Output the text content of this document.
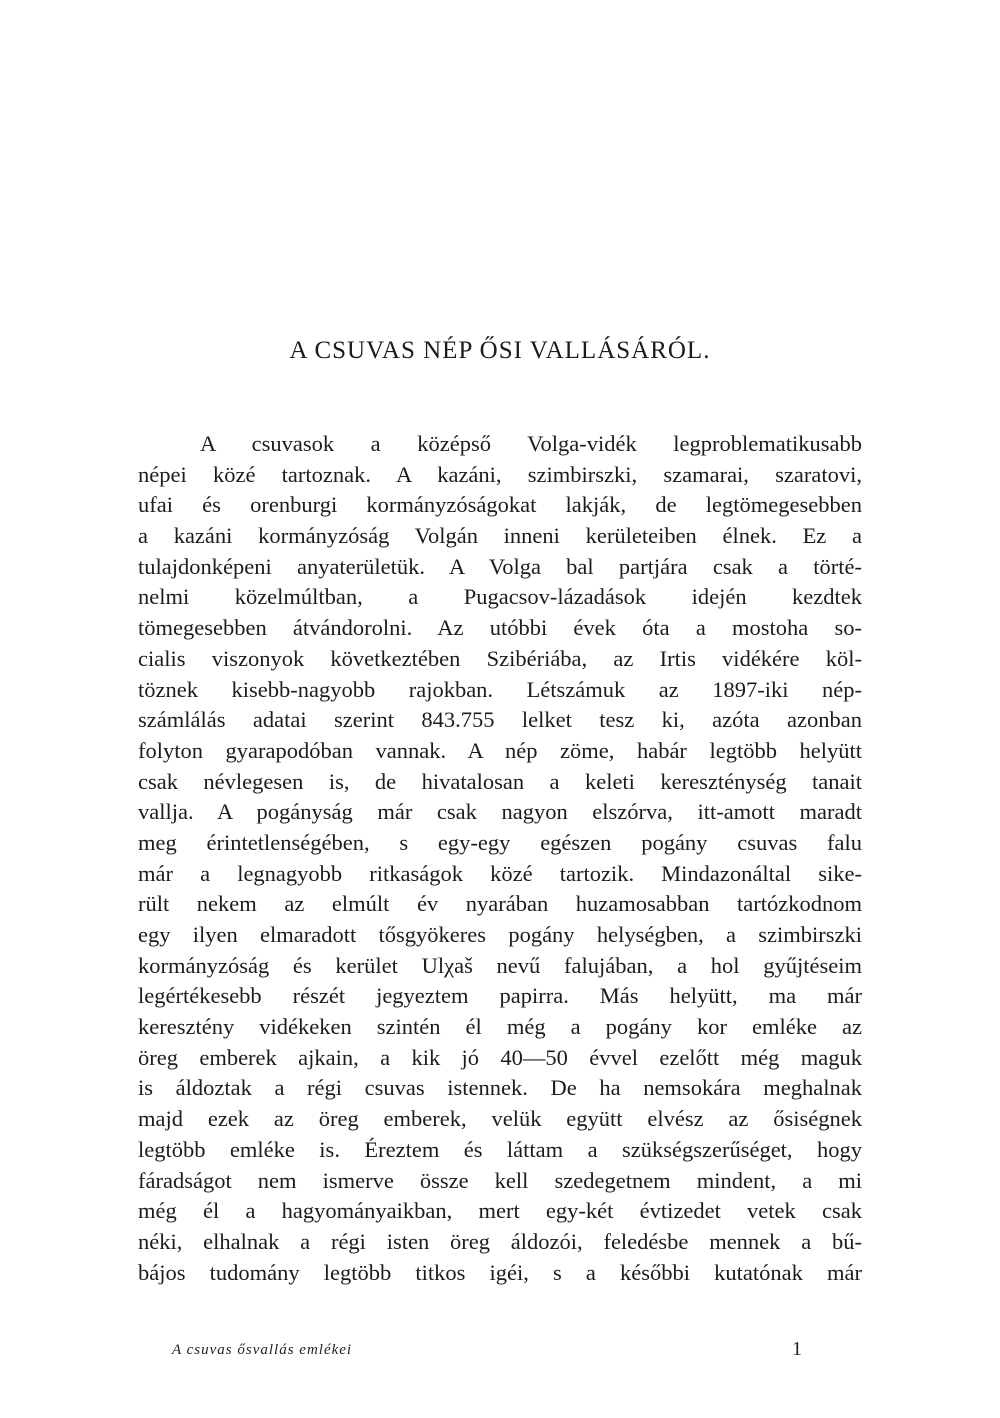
A CSUVAS NÉP ŐSI VALLÁSÁRÓL.
A csuvasok a középső Volga-vidék legproblematikusabb
népei közé tartoznak. A kazáni, szimbirszki, szamarai, szaratovi,
ufai és orenburgi kormányzóságokat lakják, de legtömegesebben
a kazáni kormányzóság Volgán inneni kerületeiben élnek. Ez a
tulajdonképeni anyaterületük. A Volga bal partjára csak a törté-
nelmi közelmúltban, a Pugacsov-lázadások idején kezdtek
tömegesebben átvándorolni. Az utóbbi évek óta a mostoha so-
cialis viszonyok következtében Szibériába, az Irtis vidékére köl-
töznek kisebb-nagyobb rajokban. Létszámuk az 1897-iki nép-
számlálás adatai szerint 843.755 lelket tesz ki, azóta azonban
folyton gyarapodóban vannak. A nép zöme, habár legtöbb helyütt
csak névlegesen is, de hivatalosan a keleti kereszténység tanait
vallja. A pogányság már csak nagyon elszórva, itt-amott maradt
meg érintetlenségében, s egy-egy egészen pogány csuvas falu
már a legnagyobb ritkaságok közé tartozik. Mindazonáltal sike-
rült nekem az elmúlt év nyarában huzamosabban tartózkodnom
egy ilyen elmaradott tősgyökeres pogány helységben, a szimbirszki
kormányzóság és kerület Ulχaš nevű falujában, a hol gyűjtéseim
legértékesebb részét jegyeztem papirra. Más helyütt, ma már
keresztény vidékeken szintén él még a pogány kor emléke az
öreg emberek ajkain, a kik jó 40—50 évvel ezelőtt még maguk
is áldoztak a régi csuvas istennek. De ha nemsokára meghalnak
majd ezek az öreg emberek, velük együtt elvész az ősiségnek
legtöbb emléke is. Éreztem és láttam a szükségszerűséget, hogy
fáradságot nem ismerve össze kell szedegetnem mindent, a mi
még él a hagyományaikban, mert egy-két évtizedet vetek csak
néki, elhalnak a régi isten öreg áldozói, feledésbe mennek a bű-
bájos tudomány legtöbb titkos igéi, s a későbbi kutatónak már
A csuvas ősvallás emlékei	1
